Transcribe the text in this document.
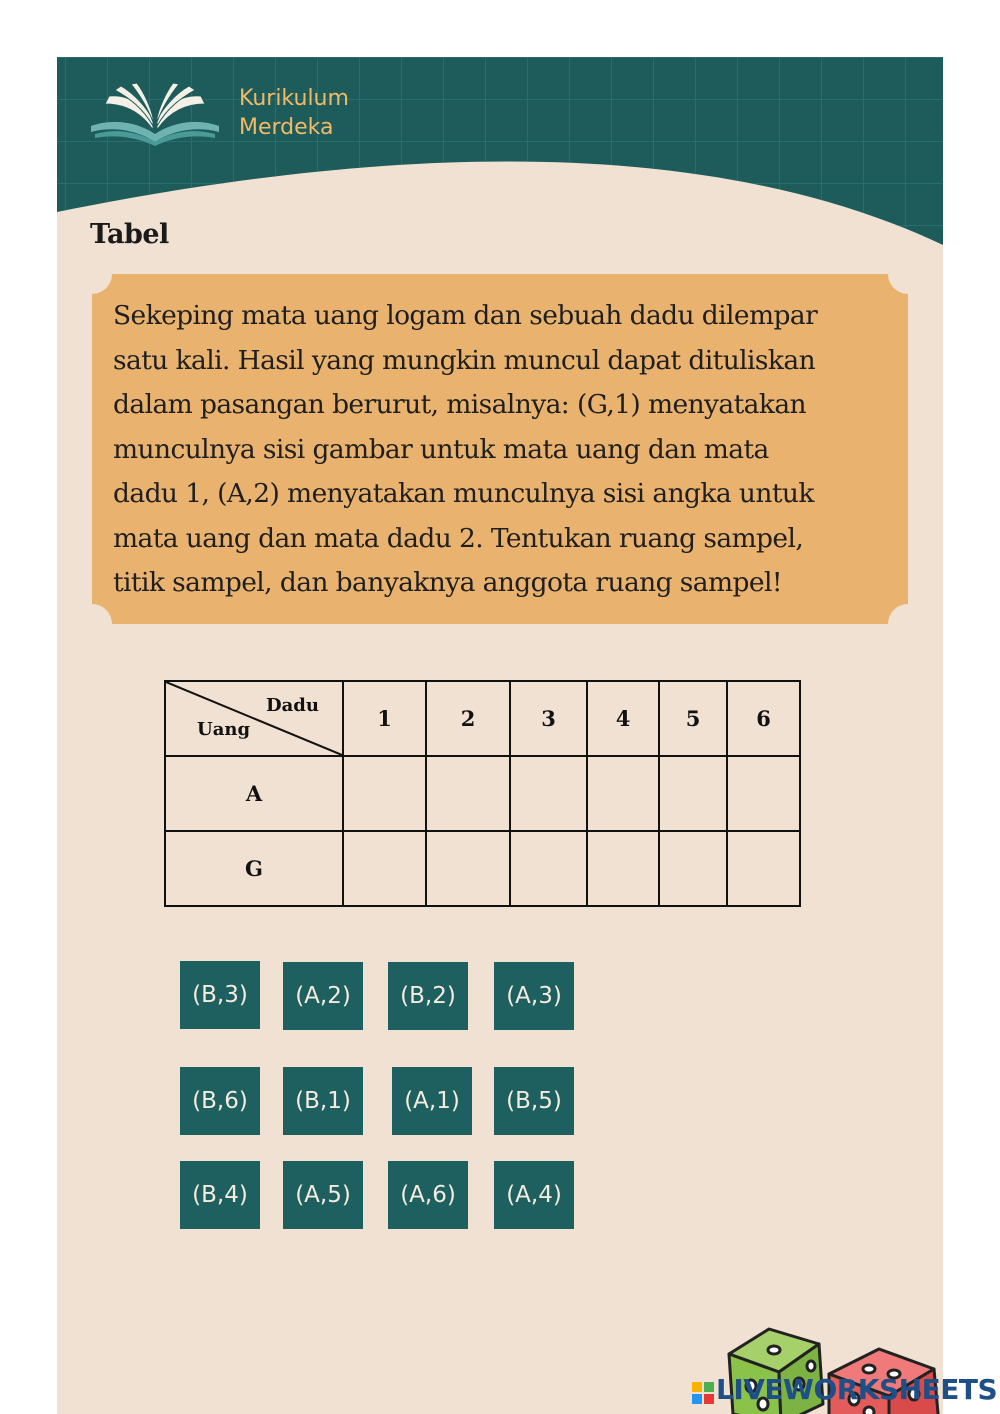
Kurikulum
Merdeka
Tabel
Sekeping mata uang logam dan sebuah dadu dilempar
satu kali. Hasil yang mungkin muncul dapat dituliskan
dalam pasangan berurut, misalnya: (G,1) menyatakan
munculnya sisi gambar untuk mata uang dan mata
dadu 1, (A,2) menyatakan munculnya sisi angka untuk
mata uang dan mata dadu 2. Tentukan ruang sampel,
titik sampel, dan banyaknya anggota ruang sampel!
Dadu
Uang	1	2	3	4	5	6
A						
G						
(B,3)	(A,2)	(B,2)	(A,3)
(B,6)	(B,1)	(A,1)	(B,5)
(B,4)	(A,5)	(A,6)	(A,4)
LIVEWORKSHEETS
